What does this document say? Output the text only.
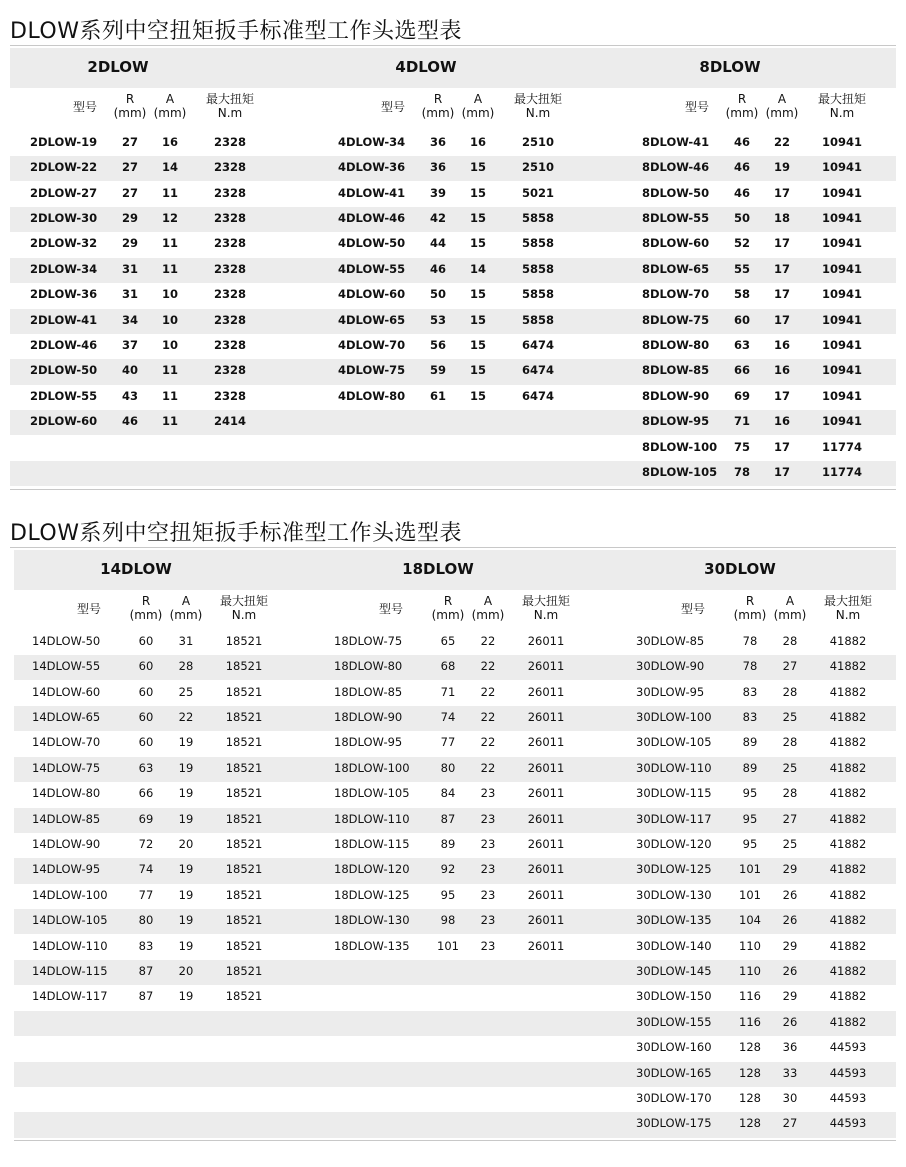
DLOW系列中空扭矩扳手标准型工作头选型表
2DLOW
型号
R
(mm)
A
(mm)
最大扭矩
N.m
2DLOW-19	27	16	2328
2DLOW-22	27	14	2328
2DLOW-27	27	11	2328
2DLOW-30	29	12	2328
2DLOW-32	29	11	2328
2DLOW-34	31	11	2328
2DLOW-36	31	10	2328
2DLOW-41	34	10	2328
2DLOW-46	37	10	2328
2DLOW-50	40	11	2328
2DLOW-55	43	11	2328
2DLOW-60	46	11	2414
4DLOW
型号
R
(mm)
A
(mm)
最大扭矩
N.m
4DLOW-34	36	16	2510
4DLOW-36	36	15	2510
4DLOW-41	39	15	5021
4DLOW-46	42	15	5858
4DLOW-50	44	15	5858
4DLOW-55	46	14	5858
4DLOW-60	50	15	5858
4DLOW-65	53	15	5858
4DLOW-70	56	15	6474
4DLOW-75	59	15	6474
4DLOW-80	61	15	6474
8DLOW
型号
R
(mm)
A
(mm)
最大扭矩
N.m
8DLOW-41	46	22	10941
8DLOW-46	46	19	10941
8DLOW-50	46	17	10941
8DLOW-55	50	18	10941
8DLOW-60	52	17	10941
8DLOW-65	55	17	10941
8DLOW-70	58	17	10941
8DLOW-75	60	17	10941
8DLOW-80	63	16	10941
8DLOW-85	66	16	10941
8DLOW-90	69	17	10941
8DLOW-95	71	16	10941
8DLOW-100	75	17	11774
8DLOW-105	78	17	11774
DLOW系列中空扭矩扳手标准型工作头选型表
14DLOW
型号
R
(mm)
A
(mm)
最大扭矩
N.m
14DLOW-50	60	31	18521
14DLOW-55	60	28	18521
14DLOW-60	60	25	18521
14DLOW-65	60	22	18521
14DLOW-70	60	19	18521
14DLOW-75	63	19	18521
14DLOW-80	66	19	18521
14DLOW-85	69	19	18521
14DLOW-90	72	20	18521
14DLOW-95	74	19	18521
14DLOW-100	77	19	18521
14DLOW-105	80	19	18521
14DLOW-110	83	19	18521
14DLOW-115	87	20	18521
14DLOW-117	87	19	18521
18DLOW
型号
R
(mm)
A
(mm)
最大扭矩
N.m
18DLOW-75	65	22	26011
18DLOW-80	68	22	26011
18DLOW-85	71	22	26011
18DLOW-90	74	22	26011
18DLOW-95	77	22	26011
18DLOW-100	80	22	26011
18DLOW-105	84	23	26011
18DLOW-110	87	23	26011
18DLOW-115	89	23	26011
18DLOW-120	92	23	26011
18DLOW-125	95	23	26011
18DLOW-130	98	23	26011
18DLOW-135	101	23	26011
30DLOW
型号
R
(mm)
A
(mm)
最大扭矩
N.m
30DLOW-85	78	28	41882
30DLOW-90	78	27	41882
30DLOW-95	83	28	41882
30DLOW-100	83	25	41882
30DLOW-105	89	28	41882
30DLOW-110	89	25	41882
30DLOW-115	95	28	41882
30DLOW-117	95	27	41882
30DLOW-120	95	25	41882
30DLOW-125	101	29	41882
30DLOW-130	101	26	41882
30DLOW-135	104	26	41882
30DLOW-140	110	29	41882
30DLOW-145	110	26	41882
30DLOW-150	116	29	41882
30DLOW-155	116	26	41882
30DLOW-160	128	36	44593
30DLOW-165	128	33	44593
30DLOW-170	128	30	44593
30DLOW-175	128	27	44593
